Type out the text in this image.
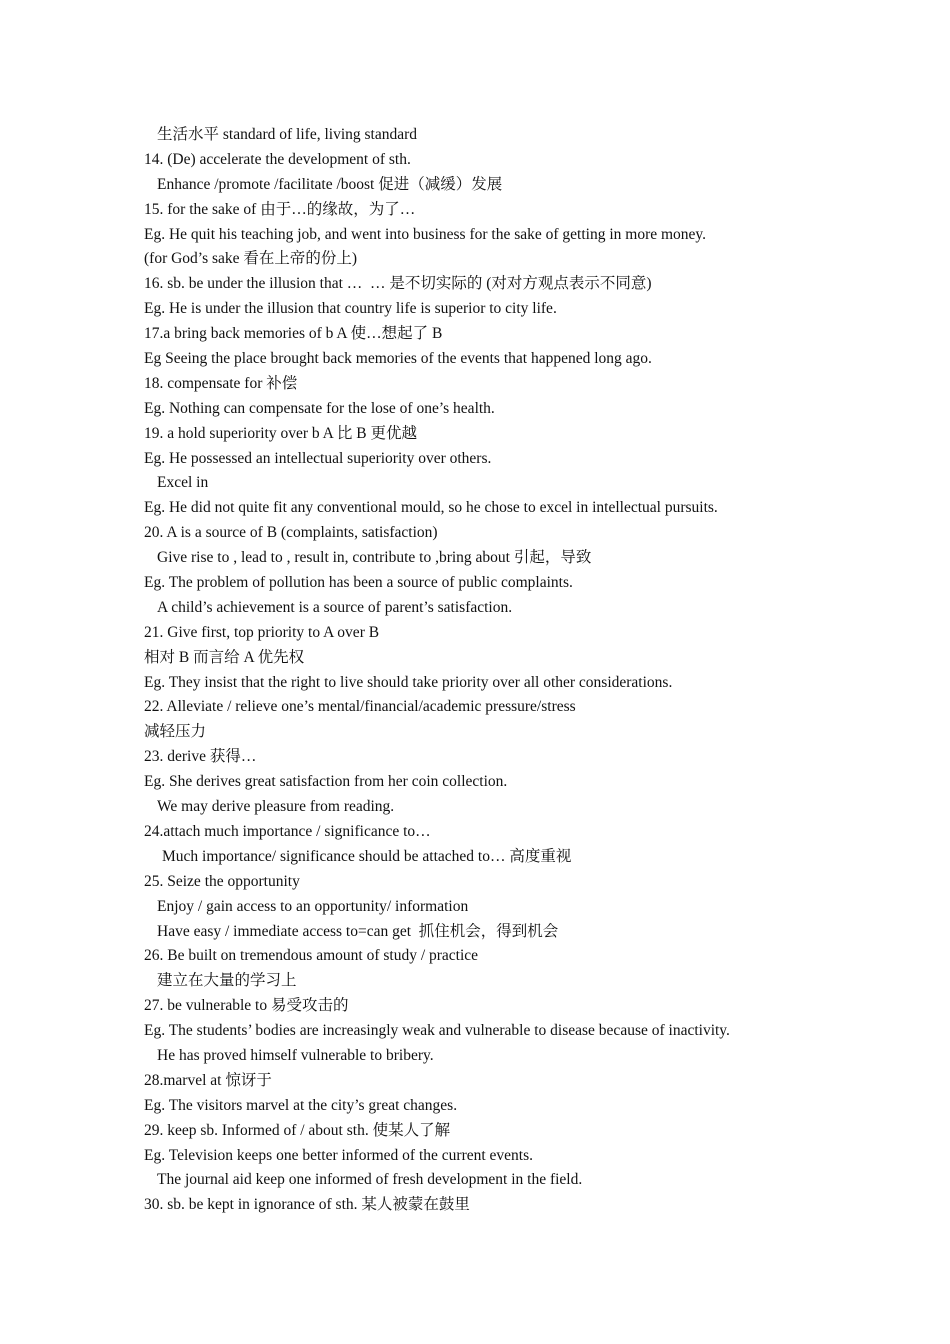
生活水平 standard of life, living standard
14. (De) accelerate the development of sth.
Enhance /promote /facilitate /boost 促进（减缓）发展
15. for the sake of 由于…的缘故，为了…
Eg. He quit his teaching job, and went into business for the sake of getting in more money.
(for God’s sake 看在上帝的份上)
16. sb. be under the illusion that …  … 是不切实际的 (对对方观点表示不同意)
Eg. He is under the illusion that country life is superior to city life.
17.a bring back memories of b A 使…想起了 B
Eg Seeing the place brought back memories of the events that happened long ago.
18. compensate for 补偿
Eg. Nothing can compensate for the lose of one’s health.
19. a hold superiority over b A 比 B 更优越
Eg. He possessed an intellectual superiority over others.
Excel in
Eg. He did not quite fit any conventional mould, so he chose to excel in intellectual pursuits.
20. A is a source of B (complaints, satisfaction)
Give rise to , lead to , result in, contribute to ,bring about 引起，导致
Eg. The problem of pollution has been a source of public complaints.
A child’s achievement is a source of parent’s satisfaction.
21. Give first, top priority to A over B
相对 B 而言给 A 优先权
Eg. They insist that the right to live should take priority over all other considerations.
22. Alleviate / relieve one’s mental/financial/academic pressure/stress
减轻压力
23. derive 获得…
Eg. She derives great satisfaction from her coin collection.
We may derive pleasure from reading.
24.attach much importance / significance to…
Much importance/ significance should be attached to… 高度重视
25. Seize the opportunity
Enjoy / gain access to an opportunity/ information
Have easy / immediate access to=can get  抓住机会，得到机会
26. Be built on tremendous amount of study / practice
建立在大量的学习上
27. be vulnerable to 易受攻击的
Eg. The students’ bodies are increasingly weak and vulnerable to disease because of inactivity.
He has proved himself vulnerable to bribery.
28.marvel at 惊讶于
Eg. The visitors marvel at the city’s great changes.
29. keep sb. Informed of / about sth. 使某人了解
Eg. Television keeps one better informed of the current events.
The journal aid keep one informed of fresh development in the field.
30. sb. be kept in ignorance of sth. 某人被蒙在鼓里
